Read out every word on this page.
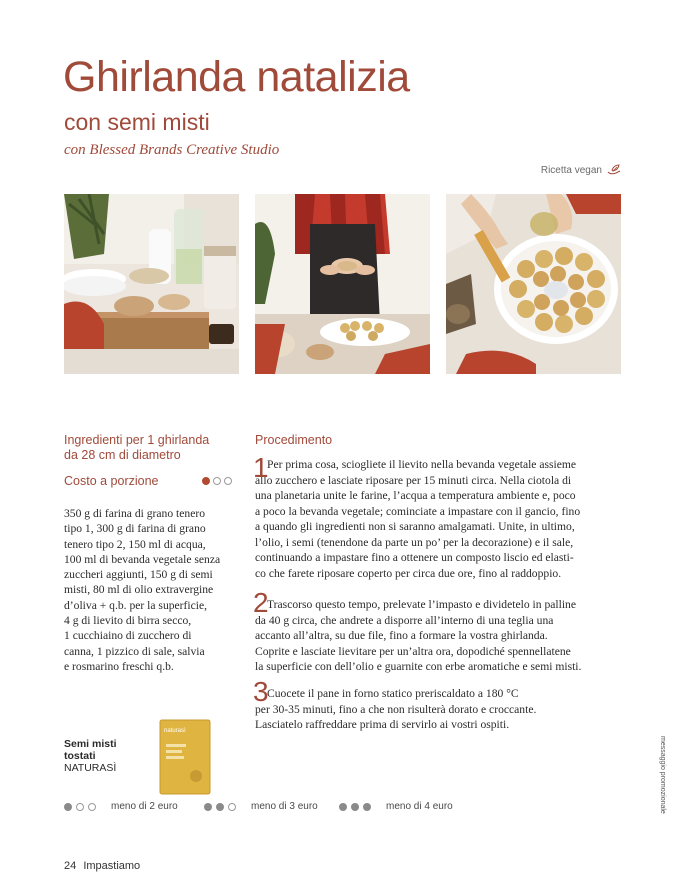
Ghirlanda natalizia
con semi misti
con Blessed Brands Creative Studio
Ricetta vegan
Ingredienti per 1 ghirlanda
da 28 cm di diametro
Costo a porzione
350 g di farina di grano tenero
tipo 1, 300 g di farina di grano
tenero tipo 2, 150 ml di acqua,
100 ml di bevanda vegetale senza
zuccheri aggiunti, 150 g di semi
misti, 80 ml di olio extravergine
d’oliva + q.b. per la superficie,
4 g di lievito di birra secco,
1 cucchiaino di zucchero di
canna, 1 pizzico di sale, salvia
e rosmarino freschi q.b.
Procedimento
1
Per prima cosa, sciogliete il lievito nella bevanda vegetale assieme
allo zucchero e lasciate riposare per 15 minuti circa. Nella ciotola di
una planetaria unite le farine, l’acqua a temperatura ambiente e, poco
a poco la bevanda vegetale; cominciate a impastare con il gancio, fino
a quando gli ingredienti non si saranno amalgamati. Unite, in ultimo,
l’olio, i semi (tenendone da parte un po’ per la decorazione) e il sale,
continuando a impastare fino a ottenere un composto liscio ed elasti-
co che farete riposare coperto per circa due ore, fino al raddoppio.
2
Trascorso questo tempo, prelevate l’impasto e dividetelo in palline
da 40 g circa, che andrete a disporre all’interno di una teglia una
accanto all’altra, su due file, fino a formare la vostra ghirlanda.
Coprite e lasciate lievitare per un’altra ora, dopodiché spennellatene
la superficie con dell’olio e guarnite con erbe aromatiche e semi misti.
3
Cuocete il pane in forno statico preriscaldato a 180 °C
per 30-35 minuti, fino a che non risulterà dorato e croccante.
Lasciatelo raffreddare prima di servirlo ai vostri ospiti.
Semi misti
tostati
NATURASÌ
naturasì
meno di 2 euro	meno di 3 euro	meno di 4 euro	messaggio promozionale
24 Impastiamo
